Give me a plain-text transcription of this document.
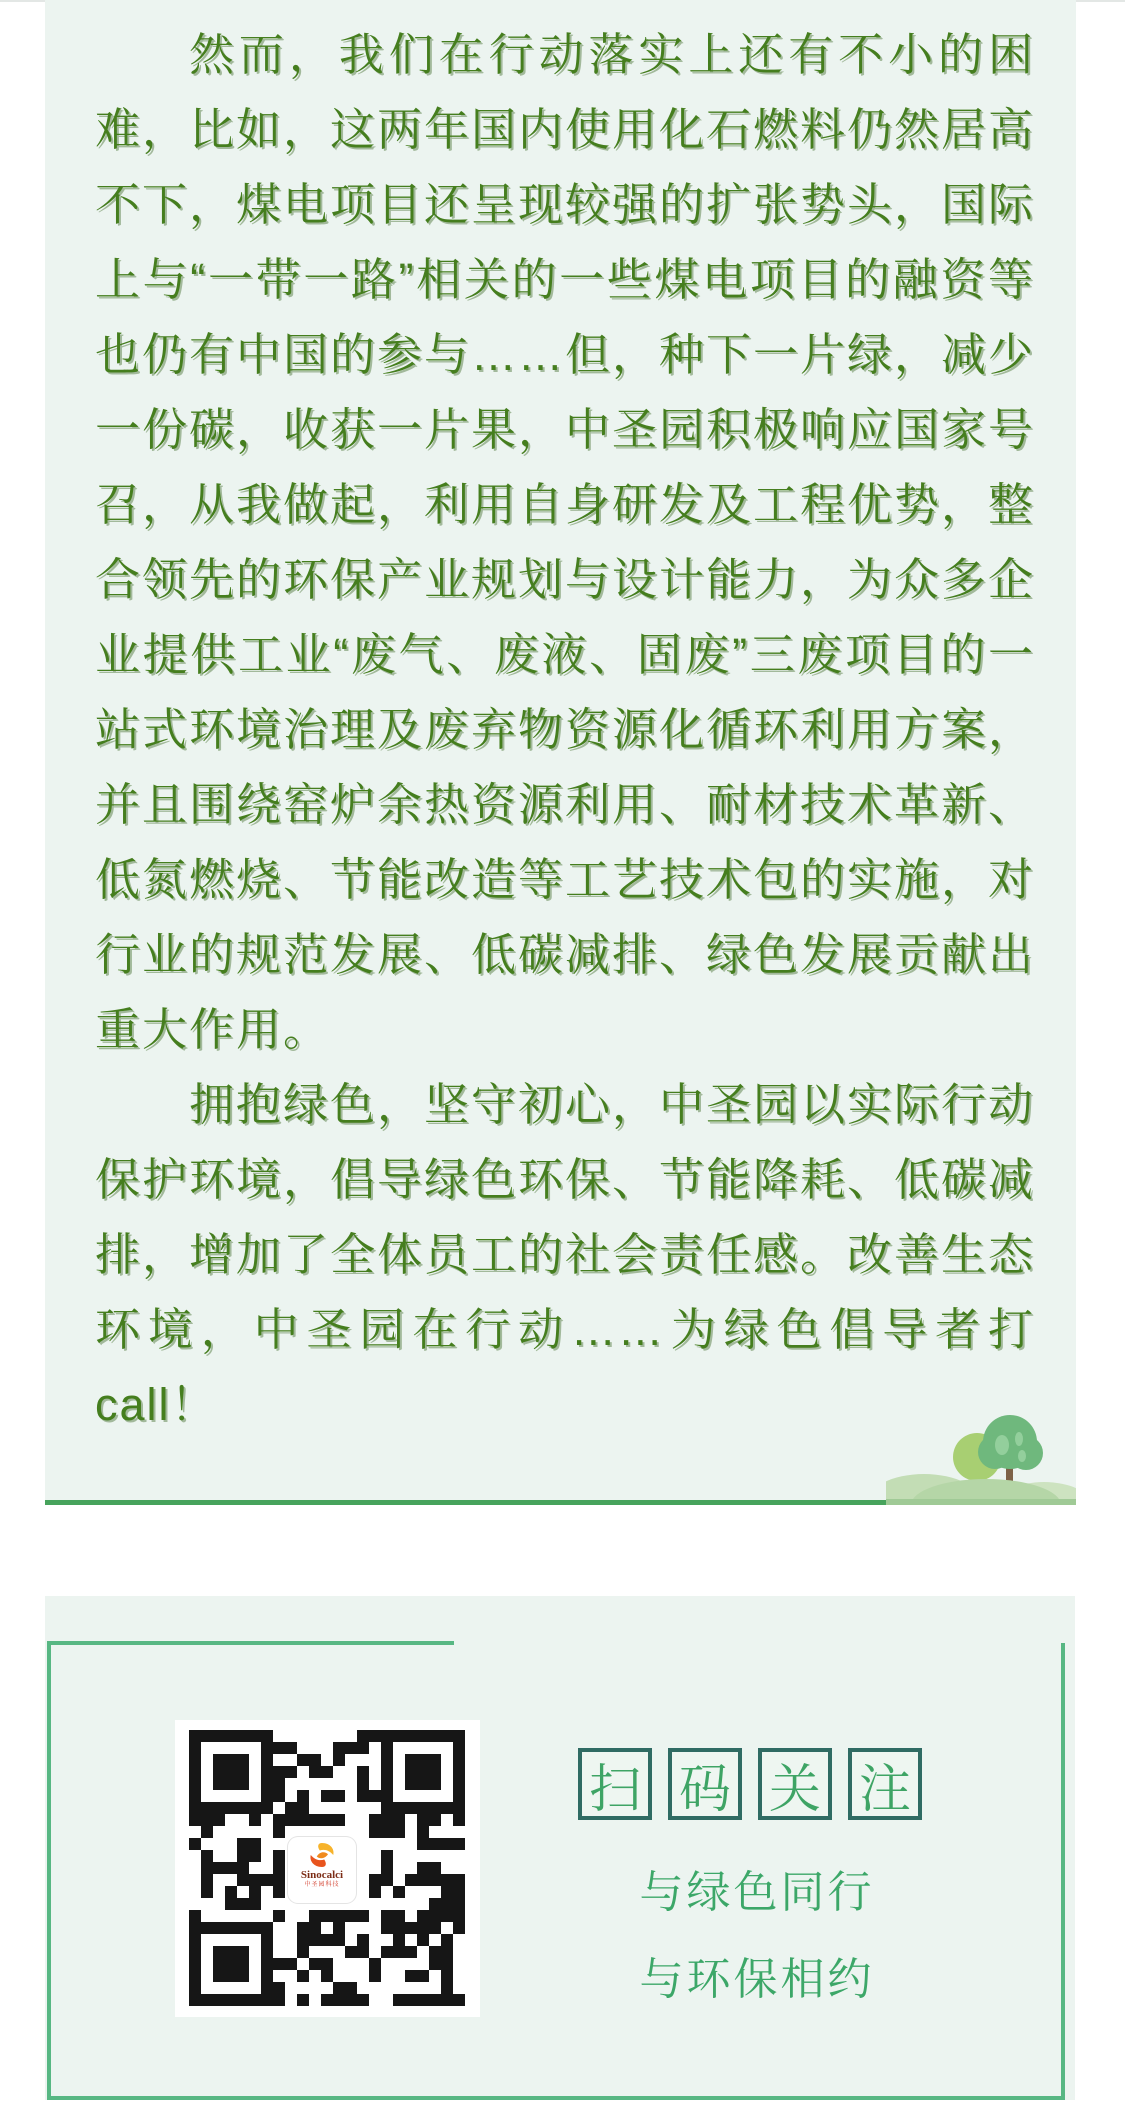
然而，我们在行动落实上还有不小的困难，比如，这两年国内使用化石燃料仍然居高不下，煤电项目还呈现较强的扩张势头，国际上与“一带一路”相关的一些煤电项目的融资等也仍有中国的参与……但，种下一片绿，减少一份碳，收获一片果，中圣园积极响应国家号召，从我做起，利用自身研发及工程优势，整合领先的环保产业规划与设计能力，为众多企业提供工业“废气、废液、固废”三废项目的一站式环境治理及废弃物资源化循环利用方案，并且围绕窑炉余热资源利用、耐材技术革新、低氮燃烧、节能改造等工艺技术包的实施，对行业的规范发展、低碳减排、绿色发展贡献出重大作用。

拥抱绿色，坚守初心，中圣园以实际行动保护环境，倡导绿色环保、节能降耗、低碳减排，增加了全体员工的社会责任感。改善生态环境，中圣园在行动……为绿色倡导者打call！

Sinocalci
中圣园科技
扫 码 关 注
与绿色同行
与环保相约
